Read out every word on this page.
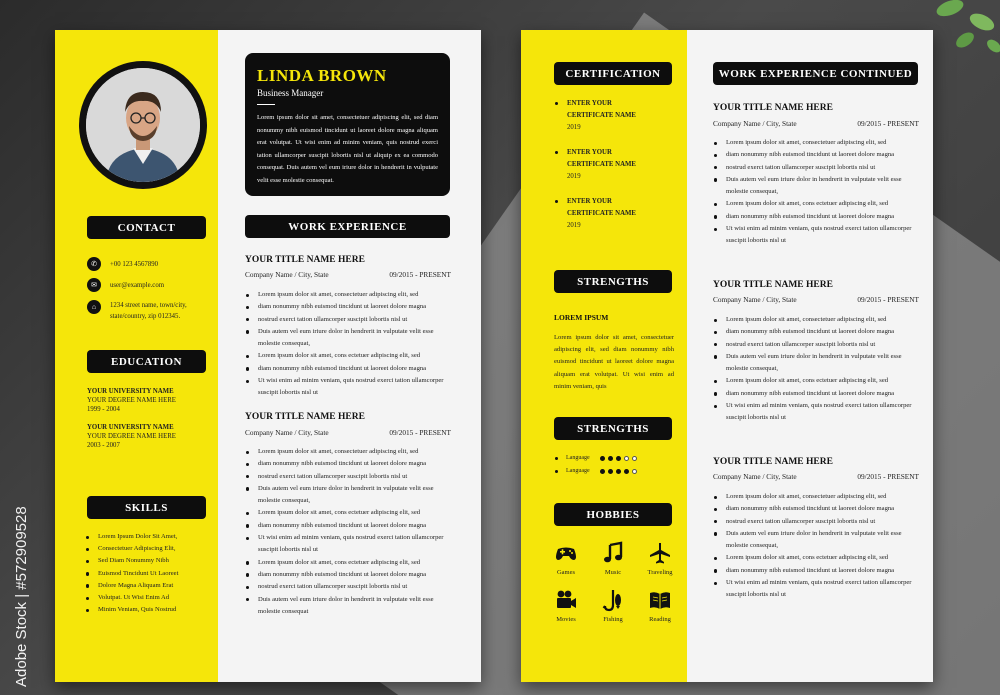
LINDA BROWN
Business Manager
Lorem ipsum dolor sit amet, consectetuer adipiscing elit, sed diam nonummy nibh euismod tincidunt ut laoreet dolore magna aliquam erat volutpat. Ut wisi enim ad minim veniam, quis nostrud exerci tation ullamcorper suscipit lobortis nisl ut aliquip ex ea commodo consequat. Duis autem vel eum iriure dolor in hendrerit in vulputate velit esse molestie consequat.
CONTACT
✆	+00 123 4567890
✉	user@example.com
⌂	1234 street name, town/city,
state/country, zip 012345.
EDUCATION
YOUR UNIVERSITY NAME
YOUR DEGREE NAME HERE
1999 - 2004
YOUR UNIVERSITY NAME
YOUR DEGREE NAME HERE
2003 - 2007
SKILLS
Lorem Ipsum Dolor Sit Amet,
Consectetuer Adipiscing Elit,
Sed Diam Nonummy Nibh
Euismod Tincidunt Ut Laoreet
Dolore Magna Aliquam Erat
Volutpat. Ut Wisi Enim Ad
Minim Veniam, Quis Nostrud
WORK EXPERIENCE
YOUR TITLE NAME HERE
Company Name / City, State	09/2015 - PRESENT
Lorem ipsum dolor sit amet, consectetuer adipiscing elit, sed
diam nonummy nibh euismod tincidunt ut laoreet dolore magna
nostrud exerci tation ullamcorper suscipit lobortis nisl ut
Duis autem vel eum iriure dolor in hendrerit in vulputate velit esse
molestie consequat,
Lorem ipsum dolor sit amet, cons ectetuer adipiscing elit, sed
diam nonummy nibh euismod tincidunt ut laoreet dolore magna
Ut wisi enim ad minim veniam, quis nostrud exerci tation ullamcorper
suscipit lobortis nisl ut
YOUR TITLE NAME HERE
Company Name / City, State	09/2015 - PRESENT
Lorem ipsum dolor sit amet, consectetuer adipiscing elit, sed
diam nonummy nibh euismod tincidunt ut laoreet dolore magna
nostrud exerci tation ullamcorper suscipit lobortis nisl ut
Duis autem vel eum iriure dolor in hendrerit in vulputate velit esse
molestie consequat,
Lorem ipsum dolor sit amet, cons ectetuer adipiscing elit, sed
diam nonummy nibh euismod tincidunt ut laoreet dolore magna
Ut wisi enim ad minim veniam, quis nostrud exerci tation ullamcorper
suscipit lobortis nisl ut
Lorem ipsum dolor sit amet, cons ectetuer adipiscing elit, sed
diam nonummy nibh euismod tincidunt ut laoreet dolore magna
nostrud exerci tation ullamcorper suscipit lobortis nisl ut
Duis autem vel eum iriure dolor in hendrerit in vulputate velit esse
molestie consequat
CERTIFICATION
ENTER YOUR
CERTIFICATE NAME
2019
ENTER YOUR
CERTIFICATE NAME
2019
ENTER YOUR
CERTIFICATE NAME
2019
STRENGTHS
LOREM IPSUM
Lorem ipsum dolor sit amet, consectetuer adipiscing elit, sed diam nonummy nibh euismod tincidunt ut laoreet dolore magna aliquam erat volutpat. Ut wisi enim ad minim veniam, quis
STRENGTHS
Language
Language
HOBBIES
Games	Music	Traveling
Movies	Fishing	Reading
WORK EXPERIENCE CONTINUED
YOUR TITLE NAME HERE
Company Name / City, State	09/2015 - PRESENT
Lorem ipsum dolor sit amet, consectetuer adipiscing elit, sed
diam nonummy nibh euismod tincidunt ut laoreet dolore magna
nostrud exerci tation ullamcorper suscipit lobortis nisl ut
Duis autem vel eum iriure dolor in hendrerit in vulputate velit esse
molestie consequat,
Lorem ipsum dolor sit amet, cons ectetuer adipiscing elit, sed
diam nonummy nibh euismod tincidunt ut laoreet dolore magna
Ut wisi enim ad minim veniam, quis nostrud exerci tation ullamcorper
suscipit lobortis nisl ut
YOUR TITLE NAME HERE
Company Name / City, State	09/2015 - PRESENT
Lorem ipsum dolor sit amet, consectetuer adipiscing elit, sed
diam nonummy nibh euismod tincidunt ut laoreet dolore magna
nostrud exerci tation ullamcorper suscipit lobortis nisl ut
Duis autem vel eum iriure dolor in hendrerit in vulputate velit esse
molestie consequat,
Lorem ipsum dolor sit amet, cons ectetuer adipiscing elit, sed
diam nonummy nibh euismod tincidunt ut laoreet dolore magna
Ut wisi enim ad minim veniam, quis nostrud exerci tation ullamcorper
suscipit lobortis nisl ut
YOUR TITLE NAME HERE
Company Name / City, State	09/2015 - PRESENT
Lorem ipsum dolor sit amet, consectetuer adipiscing elit, sed
diam nonummy nibh euismod tincidunt ut laoreet dolore magna
nostrud exerci tation ullamcorper suscipit lobortis nisl ut
Duis autem vel eum iriure dolor in hendrerit in vulputate velit esse
molestie consequat,
Lorem ipsum dolor sit amet, cons ectetuer adipiscing elit, sed
diam nonummy nibh euismod tincidunt ut laoreet dolore magna
Ut wisi enim ad minim veniam, quis nostrud exerci tation ullamcorper
suscipit lobortis nisl ut
Adobe Stock | #572909528
